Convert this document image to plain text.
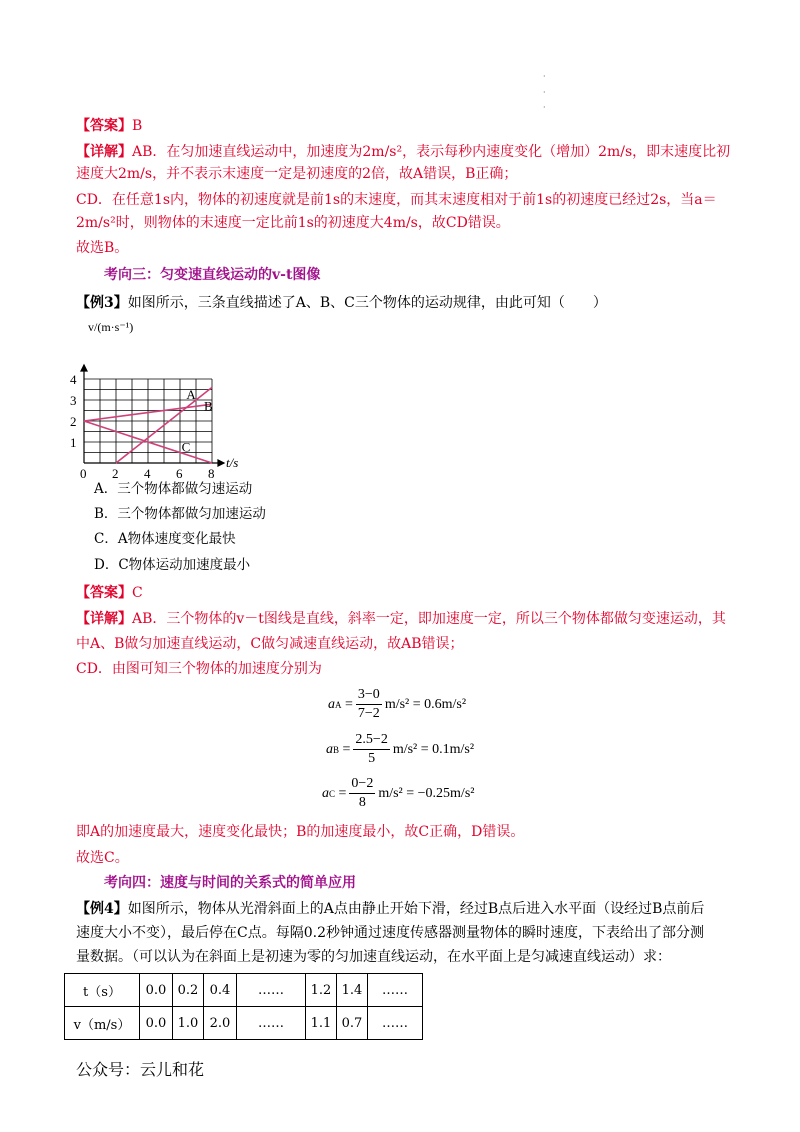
·
·
·
【答案】B
【详解】AB．在匀加速直线运动中，加速度为2m/s²，表示每秒内速度变化（增加）2m/s，即末速度比初
速度大2m/s，并不表示末速度一定是初速度的2倍，故A错误，B正确；
CD．在任意1s内，物体的初速度就是前1s的末速度，而其末速度相对于前1s的初速度已经过2s，当a＝
2m/s²时，则物体的末速度一定比前1s的初速度大4m/s，故CD错误。
故选B。
考向三：匀变速直线运动的v-t图像
【例3】如图所示，三条直线描述了A、B、C三个物体的运动规律，由此可知（　　）
A
B
C
0 2 4 6 8
1
2
3
4
t/s
v/(m·s⁻¹)
A．三个物体都做匀速运动
B．三个物体都做匀加速运动
C．A物体速度变化最快
D．C物体运动加速度最小
【答案】C
【详解】AB．三个物体的v－t图线是直线，斜率一定，即加速度一定，所以三个物体都做匀变速运动，其
中A、B做匀加速直线运动，C做匀减速直线运动，故AB错误；
CD．由图可知三个物体的加速度分别为
a $A = \frac{3-0}{7-2} m/s^2 = 0.6m/s^2$
a $B = \frac{2.5-2}{5} m/s^2 = 0.1m/s^2$
a $C = \frac{0-2}{8} m/s^2 = -0.25m/s^2$
即A的加速度最大，速度变化最快；B的加速度最小，故C正确，D错误。
故选C。
考向四：速度与时间的关系式的简单应用
【例4】如图所示，物体从光滑斜面上的A点由静止开始下滑，经过B点后进入水平面（设经过B点前后
速度大小不变），最后停在C点。每隔0.2秒钟通过速度传感器测量物体的瞬时速度，下表给出了部分测
量数据。（可以认为在斜面上是初速为零的匀加速直线运动，在水平面上是匀减速直线运动）求：
t（s）	0.0	0.2	0.4	……	1.2	1.4	……
v（m/s）	0.0	1.0	2.0	……	1.1	0.7	……
公众号：云儿和花
